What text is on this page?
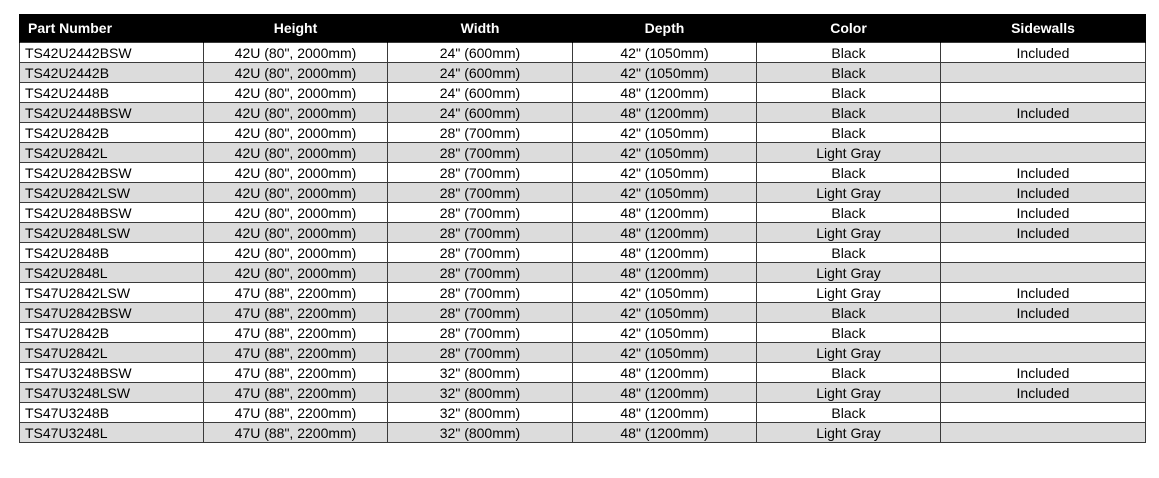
Part Number	Height	Width	Depth	Color	Sidewalls
TS42U2442BSW	42U (80", 2000mm)	24" (600mm)	42" (1050mm)	Black	Included
TS42U2442B	42U (80", 2000mm)	24" (600mm)	42" (1050mm)	Black	
TS42U2448B	42U (80", 2000mm)	24" (600mm)	48" (1200mm)	Black	
TS42U2448BSW	42U (80", 2000mm)	24" (600mm)	48" (1200mm)	Black	Included
TS42U2842B	42U (80", 2000mm)	28" (700mm)	42" (1050mm)	Black	
TS42U2842L	42U (80", 2000mm)	28" (700mm)	42" (1050mm)	Light Gray	
TS42U2842BSW	42U (80", 2000mm)	28" (700mm)	42" (1050mm)	Black	Included
TS42U2842LSW	42U (80", 2000mm)	28" (700mm)	42" (1050mm)	Light Gray	Included
TS42U2848BSW	42U (80", 2000mm)	28" (700mm)	48" (1200mm)	Black	Included
TS42U2848LSW	42U (80", 2000mm)	28" (700mm)	48" (1200mm)	Light Gray	Included
TS42U2848B	42U (80", 2000mm)	28" (700mm)	48" (1200mm)	Black	
TS42U2848L	42U (80", 2000mm)	28" (700mm)	48" (1200mm)	Light Gray	
TS47U2842LSW	47U (88", 2200mm)	28" (700mm)	42" (1050mm)	Light Gray	Included
TS47U2842BSW	47U (88", 2200mm)	28" (700mm)	42" (1050mm)	Black	Included
TS47U2842B	47U (88", 2200mm)	28" (700mm)	42" (1050mm)	Black	
TS47U2842L	47U (88", 2200mm)	28" (700mm)	42" (1050mm)	Light Gray	
TS47U3248BSW	47U (88", 2200mm)	32" (800mm)	48" (1200mm)	Black	Included
TS47U3248LSW	47U (88", 2200mm)	32" (800mm)	48" (1200mm)	Light Gray	Included
TS47U3248B	47U (88", 2200mm)	32" (800mm)	48" (1200mm)	Black	
TS47U3248L	47U (88", 2200mm)	32" (800mm)	48" (1200mm)	Light Gray	
